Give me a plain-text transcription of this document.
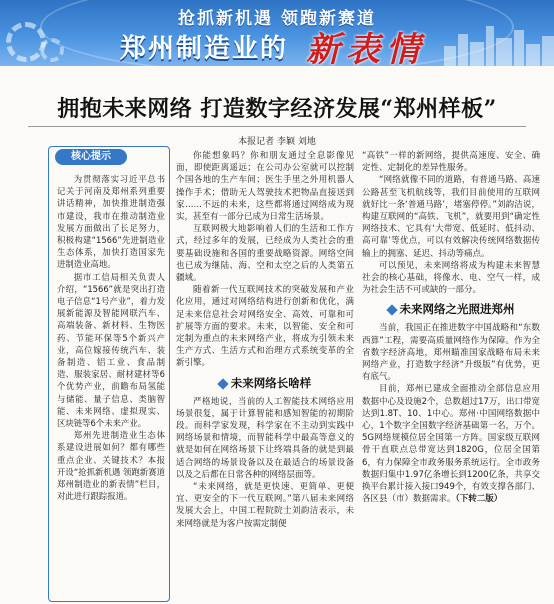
抢抓新机遇 领跑新赛道
郑州制造业的 新表情
拥抱未来网络 打造数字经济发展“郑州样板”
本报记者 李颖 刘地
核心提示

为贯彻落实习近平总书记关于河南及郑州系列重要讲话精神，加快推进制造强市建设，我市在推动制造业发展方面做出了长足努力，积极构建“1566”先进制造业生态体系，加快打造国家先进制造业高地。

据市工信局相关负责人介绍，“1566”就是突出打造电子信息“1号产业”，着力发展新能源及智能网联汽车、高端装备、新材料、生物医药、节能环保等5个新兴产业，高位嫁接传统汽车、装备制造、铝工业、食品制造、服装家居、耐材建材等6个优势产业，前瞻布局氢能与储能、量子信息、类脑智能、未来网络、虚拟现实、区块链等6个未来产业。

郑州先进制造业生态体系建设进展如何？都有哪些重点企业、关键技术？本报开设“抢抓新机遇 领跑新赛道 郑州制造业的新表情”栏目，对此进行跟踪报道。

你能想象吗？你和朋友通过全息影像见面，即使距离遥远；在公司办公室就可以控制个国各地的生产车间；医生手里之外用机器人操作手术；借助无人驾驶技术把物品直接送到家……不远的未来，这些都将通过网络成为现实，甚至有一部分已成为日常生活场景。

互联网极大地影响着人们的生活和工作方式，经过多年的发展，已经成为人类社会的重要基础设施和各国的重要战略资源。网络空间也已成为继陆、海、空和太空之后的人类第五疆域。

随着新一代互联网技术的突破发展和产业化应用，通过对网络结构进行创新和优化，满足未来信息社会对网络安全、高效、可靠和可扩展等方面的要求。未来，以智能、安全和可定制为重点的未来网络产业，将成为引领未来生产方式、生活方式和治理方式系统变革的全新引擎。

未来网络长啥样

严格地说，当前的人工智能技术网络应用场景很复，属于计算智能和感知智能的初期阶段。而科学家发现，科学家在不主动到实践中网络场景和情境，而智能科学中最高等意义的就是如何在网络场景下让终端具备的就是到最适合网络的场景设备以及在最适合的场景设备以及之后都在日常各种的网络层面等。

“未来网络，就是更快速、更简单、更便宜、更安全的下一代互联网。”第八届未来网络发展大会上，中国工程院院士刘韵洁表示，未来网络就是为客户按需定制便

“高铁”一样的新网络，提供高速度、安全、确定性、定制化的差异性服务。

“网络就像不同的道路，有普通马路、高速公路甚至飞机航线等，我们目前使用的互联网就好比一条‘普通马路’，堵塞停停。”刘韵洁说，构建互联网的“高铁、飞机”，就要用到“确定性网络技术、它具有‘大带宽、低延时、低抖动、高可靠’等优点，可以有效解决传统网络数据传输上的拥塞、延迟、抖动等痛点。

可以预见，未来网络将成为构建未来智慧社会的核心基础，将像水、电、空气一样，成为社会生活不可或缺的一部分。

未来网络之光照进郑州

当前，我国正在推进数字中国战略和“东数西算”工程，需要高质量网络作为保障。作为全省数字经济高地，郑州瞄准国家战略布局未来网络产业，打造数字经济“升级版”有优势，更有底气。

目前，郑州已建成全面推动全部信息应用数据中心及设施2个，总数超过17万，出口带宽达到1.8T、10、1中心。郑州·中国网络数据中心，1个数字全国数字经济基础第一名，万个。5G网络规模位居全国第一方阵。国家级互联网骨干直联点总带宽达到1820G，位居全国第6，有力保障全市政务服务系统运行。全市政务数据归集中1.97亿条增长到1200亿条，共享交换平台累计接入接口949个，有效支撑各部门、各区县（市）数据需求。（下转二版）
